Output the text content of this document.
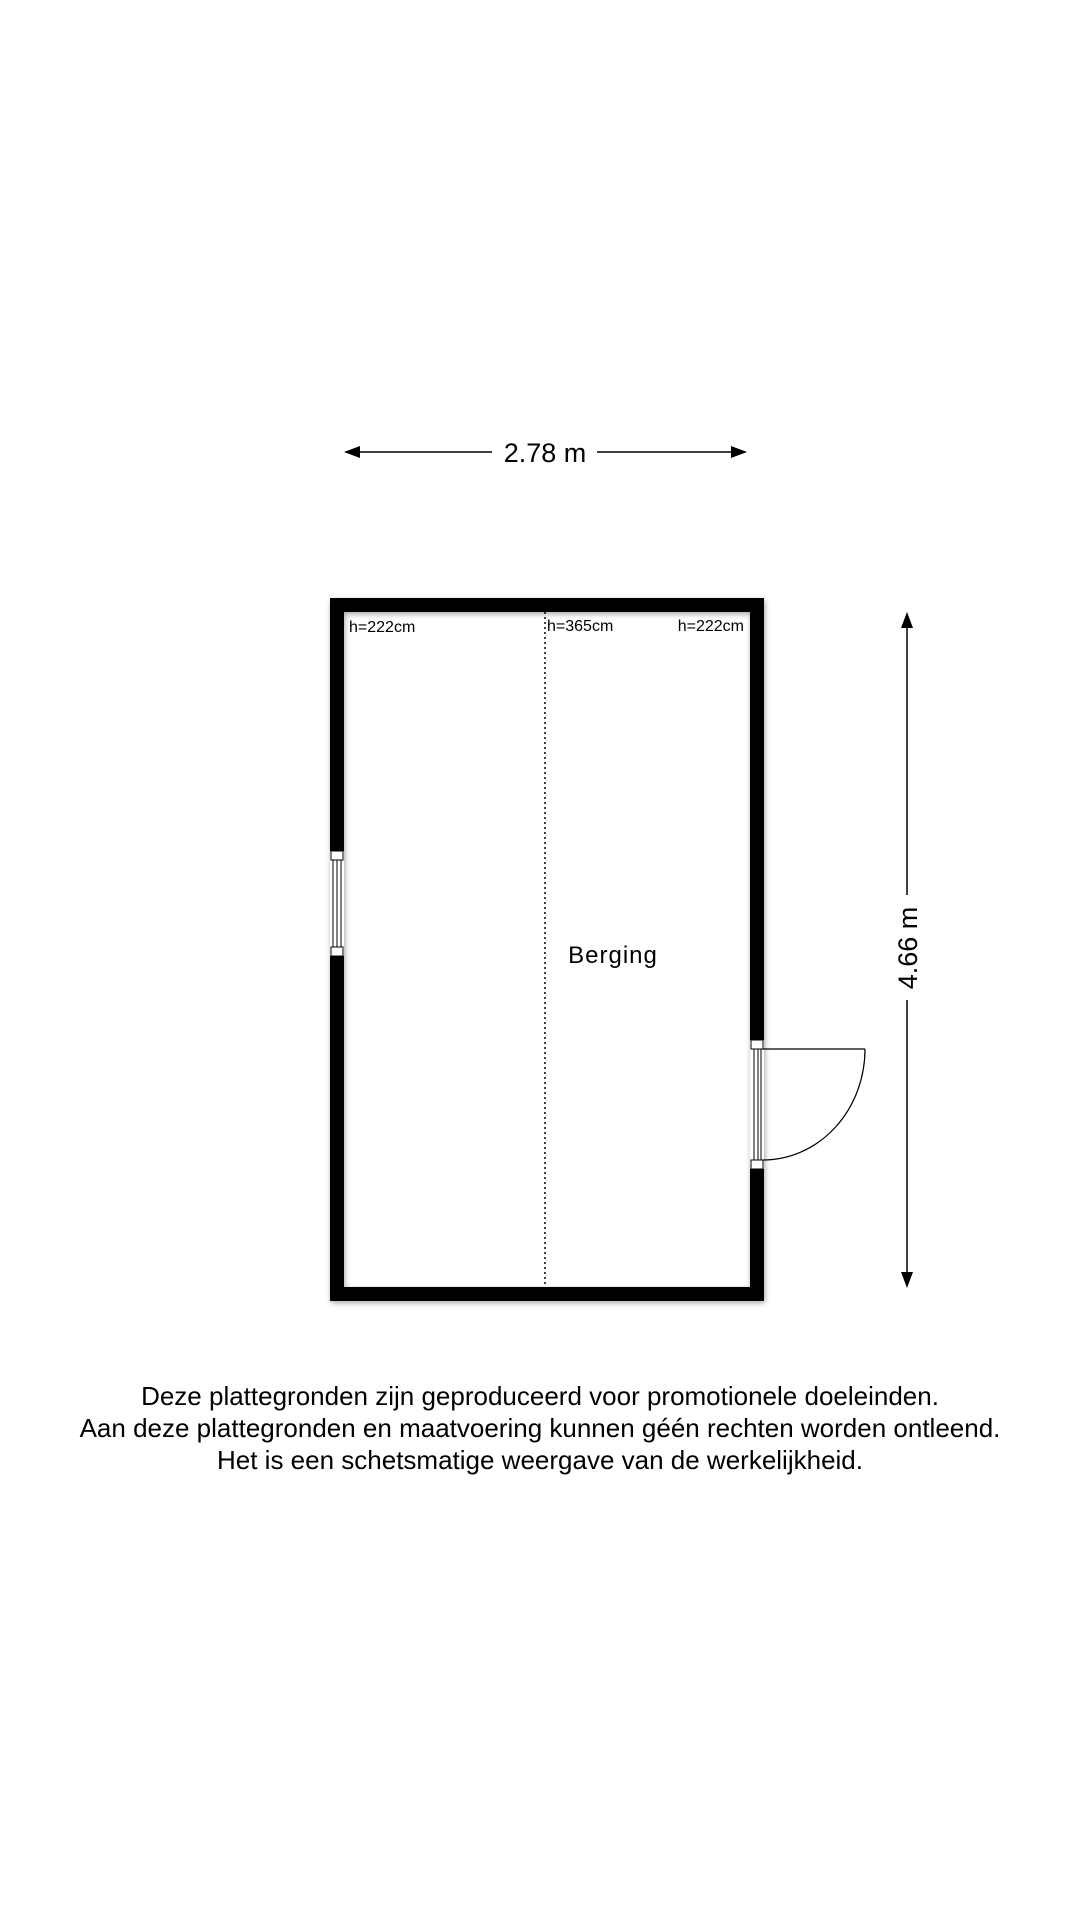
2.78 m
4.66 m
h=222cm	h=365cm	h=222cm
Berging
Deze plattegronden zijn geproduceerd voor promotionele doeleinden.
Aan deze plattegronden en maatvoering kunnen géén rechten worden ontleend.
Het is een schetsmatige weergave van de werkelijkheid.
